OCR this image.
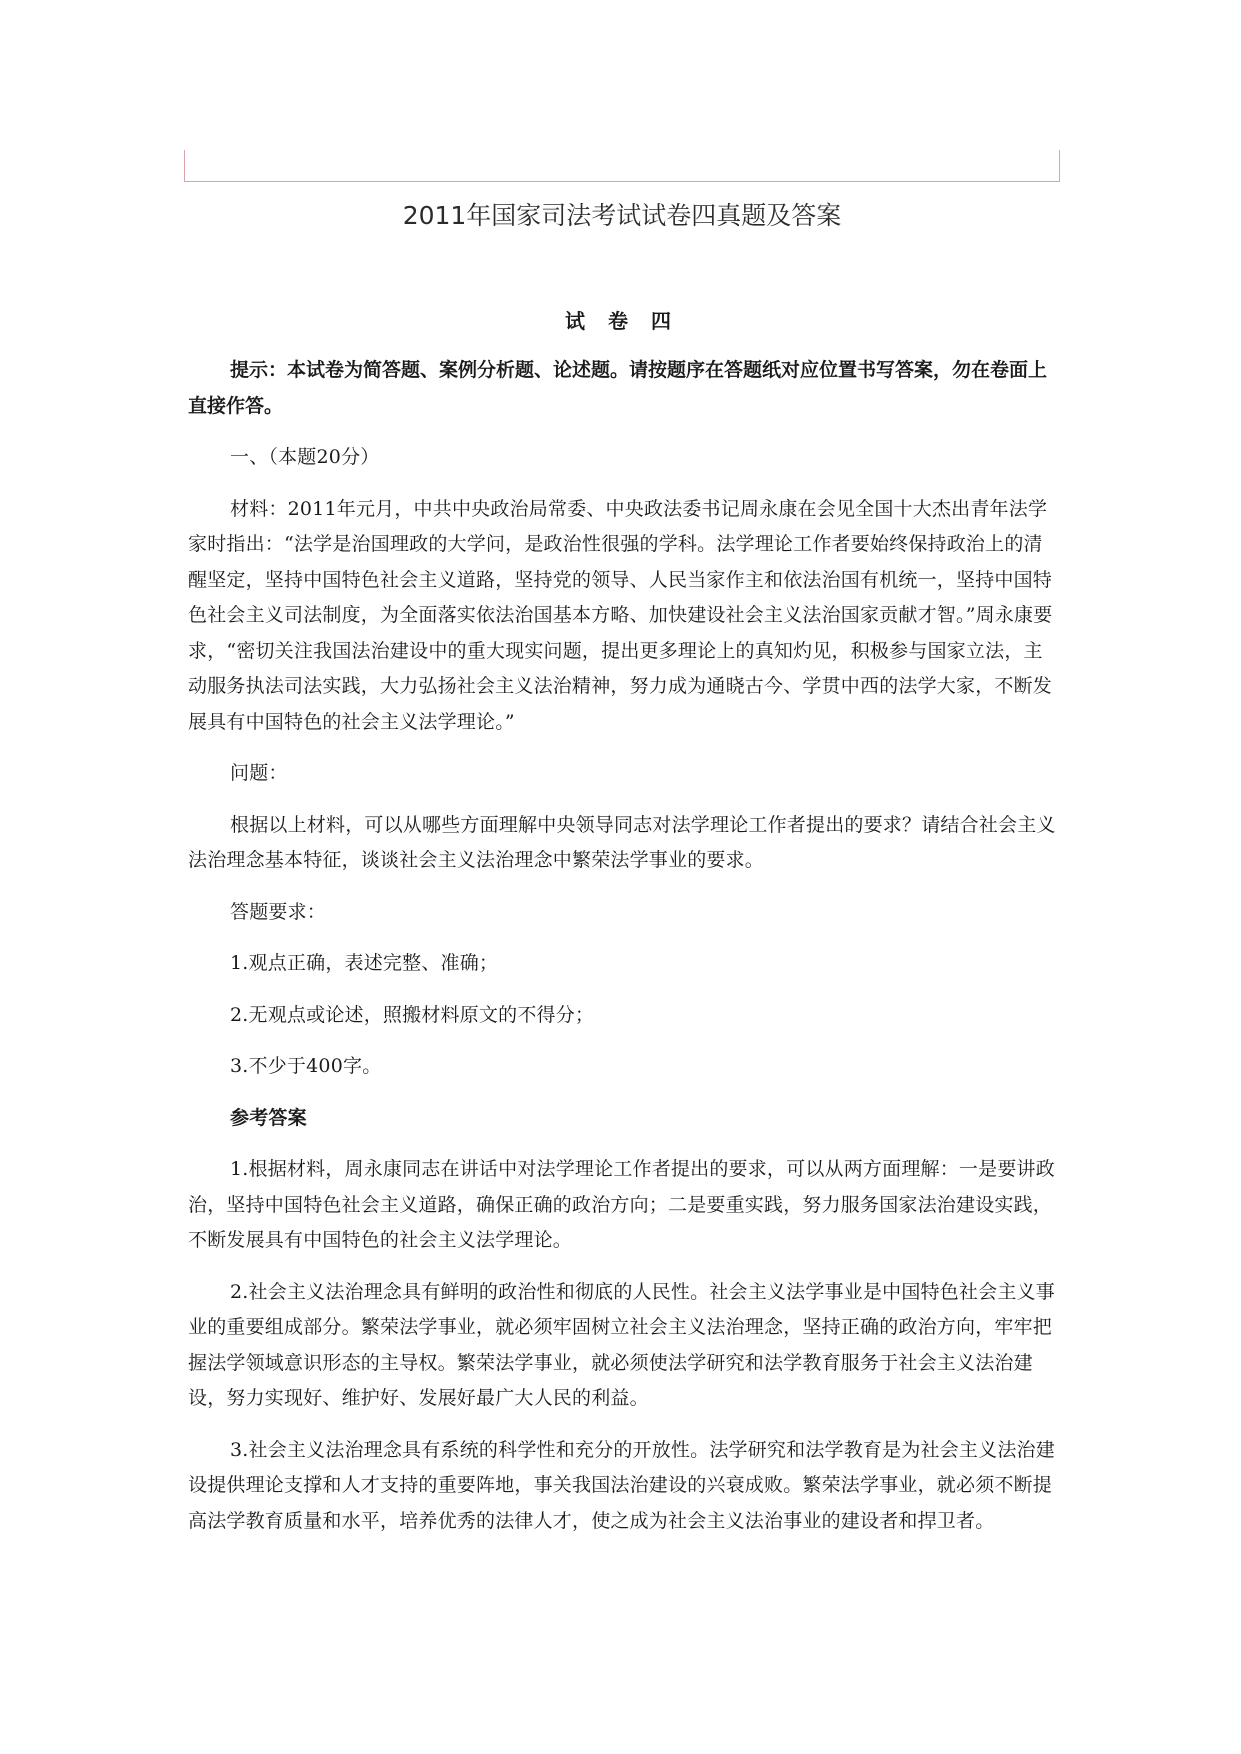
2011年国家司法考试试卷四真题及答案
试 卷 四

提示：本试卷为简答题、案例分析题、论述题。请按题序在答题纸对应位置书写答案，勿在卷面上直接作答。

一、（本题20分）

材料：2011年元月，中共中央政治局常委、中央政法委书记周永康在会见全国十大杰出青年法学家时指出：“法学是治国理政的大学问，是政治性很强的学科。法学理论工作者要始终保持政治上的清醒坚定，坚持中国特色社会主义道路，坚持党的领导、人民当家作主和依法治国有机统一，坚持中国特色社会主义司法制度，为全面落实依法治国基本方略、加快建设社会主义法治国家贡献才智。”周永康要求，“密切关注我国法治建设中的重大现实问题，提出更多理论上的真知灼见，积极参与国家立法，主动服务执法司法实践，大力弘扬社会主义法治精神，努力成为通晓古今、学贯中西的法学大家，不断发展具有中国特色的社会主义法学理论。”

问题：

根据以上材料，可以从哪些方面理解中央领导同志对法学理论工作者提出的要求？请结合社会主义法治理念基本特征，谈谈社会主义法治理念中繁荣法学事业的要求。

答题要求：

1.观点正确，表述完整、准确；

2.无观点或论述，照搬材料原文的不得分；

3.不少于400字。

参考答案

1.根据材料，周永康同志在讲话中对法学理论工作者提出的要求，可以从两方面理解：一是要讲政治，坚持中国特色社会主义道路，确保正确的政治方向；二是要重实践，努力服务国家法治建设实践，不断发展具有中国特色的社会主义法学理论。

2.社会主义法治理念具有鲜明的政治性和彻底的人民性。社会主义法学事业是中国特色社会主义事业的重要组成部分。繁荣法学事业，就必须牢固树立社会主义法治理念，坚持正确的政治方向，牢牢把握法学领域意识形态的主导权。繁荣法学事业，就必须使法学研究和法学教育服务于社会主义法治建设，努力实现好、维护好、发展好最广大人民的利益。

3.社会主义法治理念具有系统的科学性和充分的开放性。法学研究和法学教育是为社会主义法治建设提供理论支撑和人才支持的重要阵地，事关我国法治建设的兴衰成败。繁荣法学事业，就必须不断提高法学教育质量和水平，培养优秀的法律人才，使之成为社会主义法治事业的建设者和捍卫者。
